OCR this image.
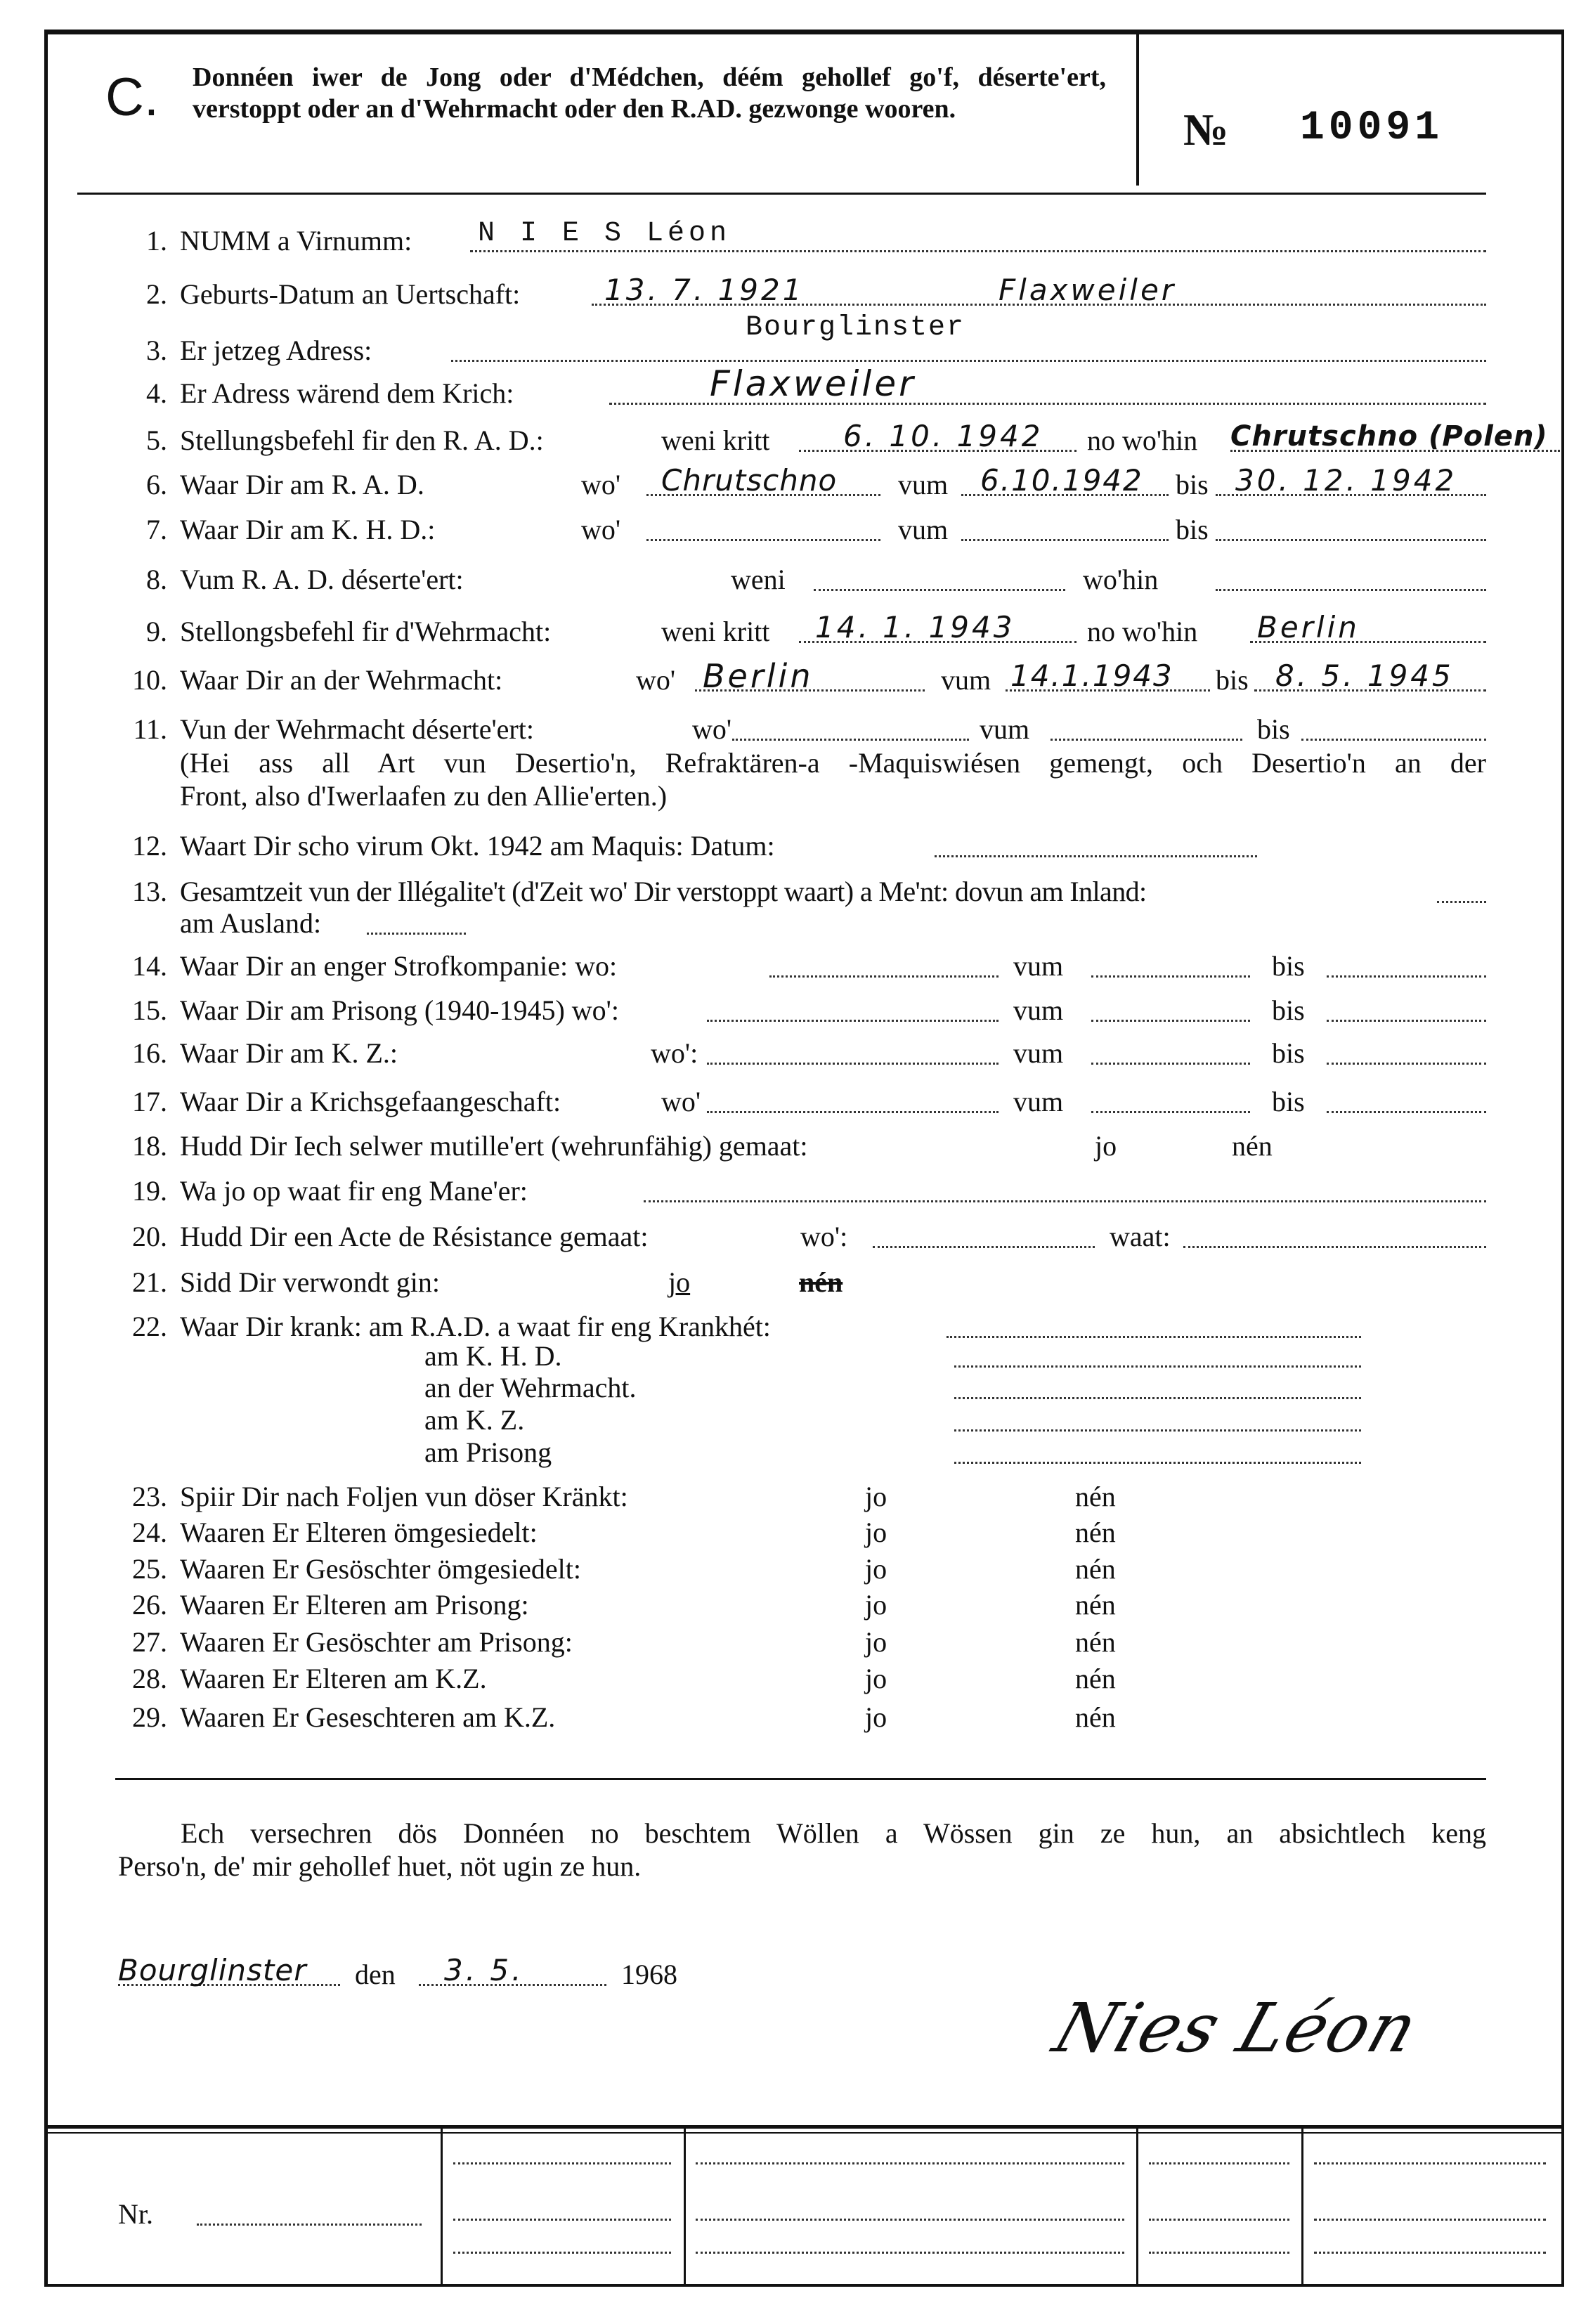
C. Donnéen iwer de Jong oder d'Médchen, déém gehollef go'f, déserte'ert, verstoppt oder an d'Wehrmacht oder den R.AD. gezwonge wooren.	№ 10091
1. NUMM a Virnumm: N I E S Léon
2. Geburts-Datum an Uertschaft:	13. 7. 1921	Flaxweiler
3. Er jetzeg Adress:
Bourglinster
4. Er Adress wärend dem Krich:	Flaxweiler
5. Stellungsbefehl fir den R. A. D.:	weni kritt 6. 10. 1942 no wo'hin Chrutschno (Polen)
6. Waar Dir am R. A. D.	wo' Chrutschno vum 6.10.1942 bis 30. 12. 1942
7. Waar Dir am K. H. D.:	wo'	vum	bis
8. Vum R. A. D. déserte'ert:	weni	wo'hin
9. Stellongsbefehl fir d'Wehrmacht:	weni kritt 14. 1. 1943	no wo'hin Berlin
10. Waar Dir an der Wehrmacht:	wo' Berlin	vum 14.1.1943 bis 8. 5. 1945
11. Vun der Wehrmacht déserte'ert:	wo'	vum	bis
(Hei ass all Art vun Desertio'n, Refraktären-a -Maquiswiésen gemengt, och Desertio'n an der
Front, also d'Iwerlaafen zu den Allie'erten.)
12. Waart Dir scho virum Okt. 1942 am Maquis: Datum:
13. Gesamtzeit vun der Illégalite't (d'Zeit wo' Dir verstoppt waart) a Me'nt: dovun am Inland:
am Ausland:
14. Waar Dir an enger Strofkompanie: wo:	vum	bis
15. Waar Dir am Prisong (1940-1945) wo':	vum	bis
16. Waar Dir am K. Z.:	wo':	vum	bis
17. Waar Dir a Krichsgefaangeschaft:	wo'	vum	bis
18. Hudd Dir Iech selwer mutille'ert (wehrunfähig) gemaat:	jo	nén
19. Wa jo op waat fir eng Mane'er:
20. Hudd Dir een Acte de Résistance gemaat:	wo':	waat:
21. Sidd Dir verwondt gin:	jo	nén
22. Waar Dir krank: am R.A.D. a waat fir eng Krankhét:
am K. H. D.
an der Wehrmacht.
am K. Z.
am Prisong
23. Spiir Dir nach Foljen vun döser Kränkt:	jo	nén
24. Waaren Er Elteren ömgesiedelt:	jo	nén
25. Waaren Er Gesöschter ömgesiedelt:	jo	nén
26. Waaren Er Elteren am Prisong:	jo	nén
27. Waaren Er Gesöschter am Prisong:	jo	nén
28. Waaren Er Elteren am K.Z.	jo	nén
29. Waaren Er Geseschteren am K.Z.	jo	nén
Ech versechren dös Donnéen no beschtem Wöllen a Wössen gin ze hun, an absichtlech keng
Perso'n, de' mir gehollef huet, nöt ugin ze hun.
Bourglinster den 3. 5.	1968
Nies Léon
Nr.
